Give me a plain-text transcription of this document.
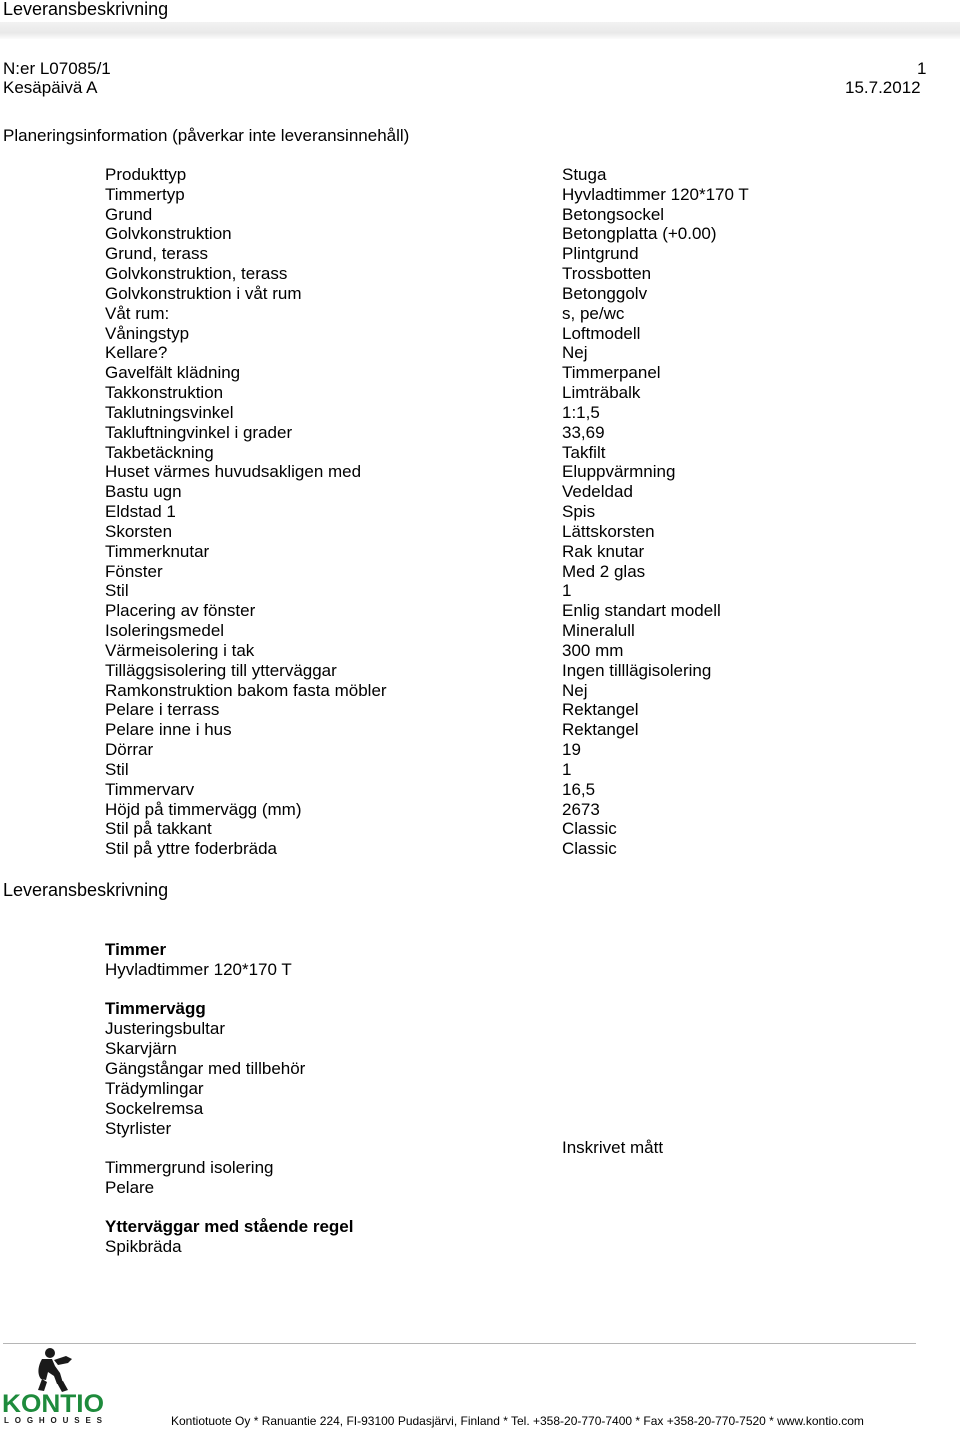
Leveransbeskrivning
N:er L07085/1
Kesäpäivä A
1
15.7.2012
Planeringsinformation (påverkar inte leveransinnehåll)
Produkttyp	Stuga
Timmertyp	Hyvladtimmer 120*170 T
Grund	Betongsockel
Golvkonstruktion	Betongplatta (+0.00)
Grund, terass	Plintgrund
Golvkonstruktion, terass	Trossbotten
Golvkonstruktion i våt rum	Betonggolv
Våt rum:	s, pe/wc
Våningstyp	Loftmodell
Kellare?	Nej
Gavelfält klädning	Timmerpanel
Takkonstruktion	Limträbalk
Taklutningsvinkel	1:1,5
Takluftningvinkel i grader	33,69
Takbetäckning	Takfilt
Huset värmes huvudsakligen med	Eluppvärmning
Bastu ugn	Vedeldad
Eldstad 1	Spis
Skorsten	Lättskorsten
Timmerknutar	Rak knutar
Fönster	Med 2 glas
Stil	1
Placering av fönster	Enlig standart modell
Isoleringsmedel	Mineralull
Värmeisolering i tak	300 mm
Tilläggsisolering till ytterväggar	Ingen tilllägisolering
Ramkonstruktion bakom fasta möbler	Nej
Pelare i terrass	Rektangel
Pelare inne i hus	Rektangel
Dörrar	19
Stil	1
Timmervarv	16,5
Höjd på timmervägg (mm)	2673
Stil på takkant	Classic
Stil på yttre foderbräda	Classic
Leveransbeskrivning
Timmer
Hyvladtimmer 120*170 T
Timmervägg
Justeringsbultar
Skarvjärn
Gängstångar med tillbehör
Trädymlingar
Sockelremsa
Styrlister
Inskrivet mått
Timmergrund isolering
Pelare
Ytterväggar med stående regel
Spikbräda
KONTIO
LOGHOUSES	Kontiotuote Oy * Ranuantie 224, FI-93100 Pudasjärvi, Finland * Tel. +358-20-770-7400 * Fax +358-20-770-7520 * www.kontio.com
